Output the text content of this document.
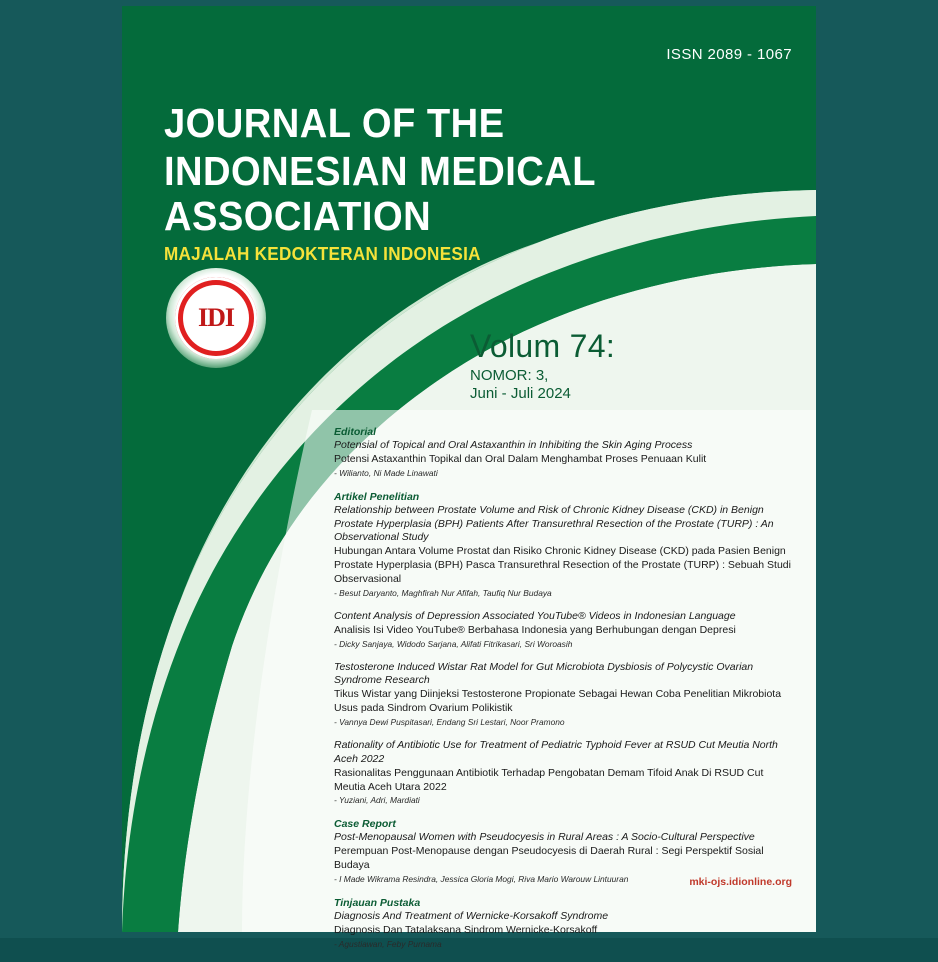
ISSN 2089 - 1067
JOURNAL OF THE
INDONESIAN MEDICAL ASSOCIATION
MAJALAH KEDOKTERAN INDONESIA
IDI
Volum 74:
NOMOR: 3,
Juni - Juli 2024
Editorial
Potensial of Topical and Oral Astaxanthin in Inhibiting the Skin Aging Process
Potensi Astaxanthin Topikal dan Oral Dalam Menghambat Proses Penuaan Kulit
- Wilianto, Ni Made Linawati
Artikel Penelitian
Relationship between Prostate Volume and Risk of Chronic Kidney Disease (CKD) in Benign Prostate Hyperplasia (BPH) Patients After Transurethral Resection of the Prostate (TURP) : An Observational Study
Hubungan Antara Volume Prostat dan Risiko Chronic Kidney Disease (CKD) pada Pasien Benign Prostate Hyperplasia (BPH) Pasca Transurethral Resection of the Prostate (TURP) : Sebuah Studi Observasional
- Besut Daryanto, Maghfirah Nur Afifah, Taufiq Nur Budaya
Content Analysis of Depression Associated YouTube® Videos in Indonesian Language
Analisis Isi Video YouTube® Berbahasa Indonesia yang Berhubungan dengan Depresi
- Dicky Sanjaya, Widodo Sarjana, Alifati Fitrikasari, Sri Woroasih
Testosterone Induced Wistar Rat Model for Gut Microbiota Dysbiosis of Polycystic Ovarian Syndrome Research
Tikus Wistar yang Diinjeksi Testosterone Propionate Sebagai Hewan Coba Penelitian Mikrobiota Usus pada Sindrom Ovarium Polikistik
- Vannya Dewi Puspitasari, Endang Sri Lestari, Noor Pramono
Rationality of Antibiotic Use for Treatment of Pediatric Typhoid Fever at RSUD Cut Meutia North Aceh 2022
Rasionalitas Penggunaan Antibiotik Terhadap Pengobatan Demam Tifoid Anak Di RSUD Cut Meutia Aceh Utara 2022
- Yuziani, Adri, Mardiati
Case Report
Post-Menopausal Women with Pseudocyesis in Rural Areas : A Socio-Cultural Perspective
Perempuan Post-Menopause dengan Pseudocyesis di Daerah Rural : Segi Perspektif Sosial Budaya
- I Made Wikrama Resindra, Jessica Gloria Mogi, Riva Mario Warouw Lintuuran
Tinjauan Pustaka
Diagnosis And Treatment of Wernicke-Korsakoff Syndrome
Diagnosis Dan Tatalaksana Sindrom Wernicke-Korsakoff
- Agustiawan, Feby Purnama
mki-ojs.idionline.org
